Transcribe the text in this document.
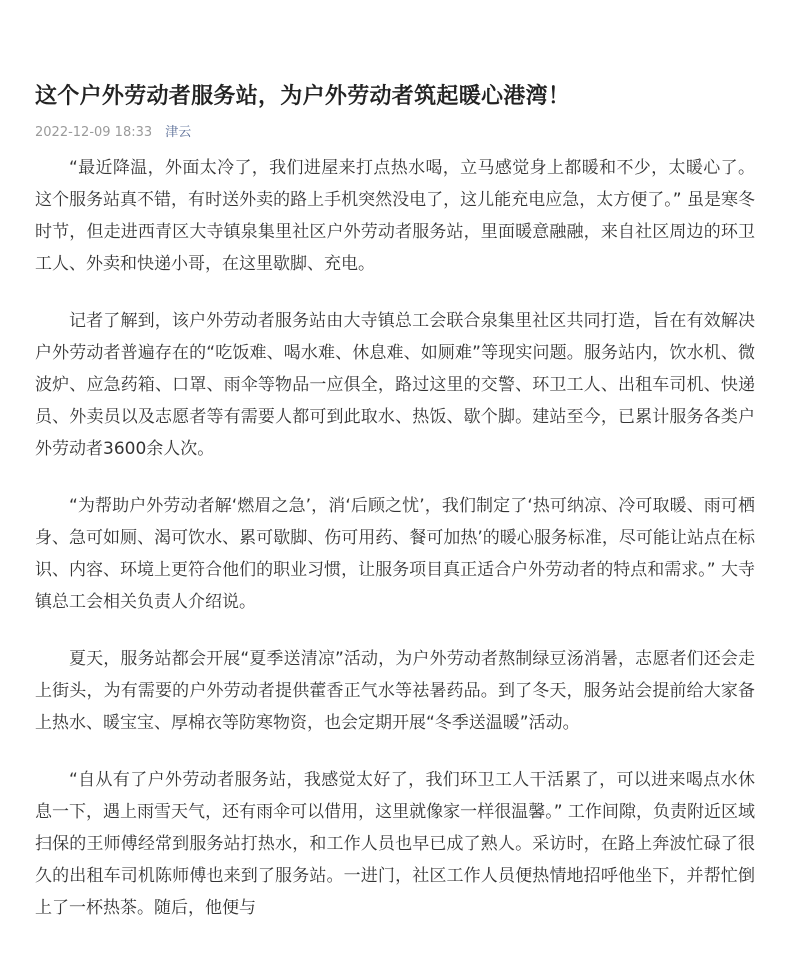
这个户外劳动者服务站，为户外劳动者筑起暖心港湾！
2022-12-09 18:33 津云

“最近降温，外面太冷了，我们进屋来打点热水喝，立马感觉身上都暖和不少，太暖心了。这个服务站真不错，有时送外卖的路上手机突然没电了，这儿能充电应急，太方便了。” 虽是寒冬时节，但走进西青区大寺镇泉集里社区户外劳动者服务站，里面暖意融融，来自社区周边的环卫工人、外卖和快递小哥，在这里歇脚、充电。

记者了解到，该户外劳动者服务站由大寺镇总工会联合泉集里社区共同打造，旨在有效解决户外劳动者普遍存在的“吃饭难、喝水难、休息难、如厕难”等现实问题。服务站内，饮水机、微波炉、应急药箱、口罩、雨伞等物品一应俱全，路过这里的交警、环卫工人、出租车司机、快递员、外卖员以及志愿者等有需要人都可到此取水、热饭、歇个脚。建站至今，已累计服务各类户外劳动者3600余人次。

“为帮助户外劳动者解‘燃眉之急’，消‘后顾之忧’，我们制定了‘热可纳凉、冷可取暖、雨可栖身、急可如厕、渴可饮水、累可歇脚、伤可用药、餐可加热’的暖心服务标准，尽可能让站点在标识、内容、环境上更符合他们的职业习惯，让服务项目真正适合户外劳动者的特点和需求。” 大寺镇总工会相关负责人介绍说。

夏天，服务站都会开展“夏季送清凉”活动，为户外劳动者熬制绿豆汤消暑，志愿者们还会走上街头，为有需要的户外劳动者提供藿香正气水等祛暑药品。到了冬天，服务站会提前给大家备上热水、暖宝宝、厚棉衣等防寒物资，也会定期开展“冬季送温暖”活动。

“自从有了户外劳动者服务站，我感觉太好了，我们环卫工人干活累了，可以进来喝点水休息一下，遇上雨雪天气，还有雨伞可以借用，这里就像家一样很温馨。” 工作间隙，负责附近区域扫保的王师傅经常到服务站打热水，和工作人员也早已成了熟人。采访时，在路上奔波忙碌了很久的出租车司机陈师傅也来到了服务站。一进门，社区工作人员便热情地招呼他坐下，并帮忙倒上了一杯热茶。随后，他便与
